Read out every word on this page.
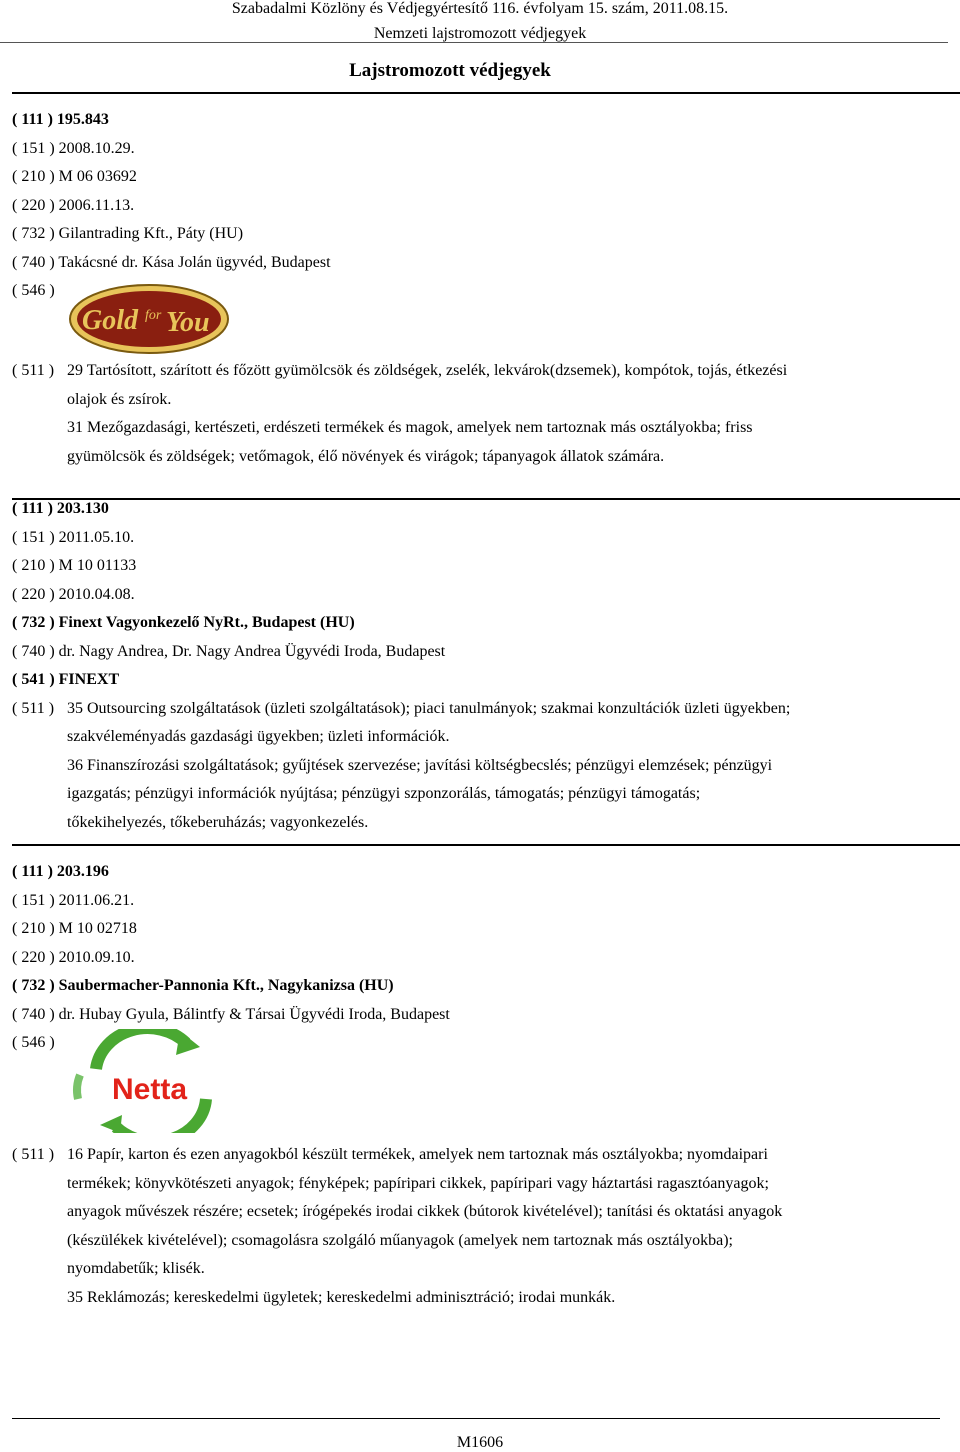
Szabadalmi Közlöny és Védjegyértesítő 116. évfolyam 15. szám, 2011.08.15.
Nemzeti lajstromozott védjegyek
Lajstromozott védjegyek
( 111 ) 195.843
( 151 ) 2008.10.29.
( 210 ) M 06 03692
( 220 ) 2006.11.13.
( 732 ) Gilantrading Kft., Páty (HU)
( 740 ) Takácsné dr. Kása Jolán ügyvéd, Budapest
( 546 )
Gold for You
( 511 ) 29 Tartósított, szárított és főzött gyümölcsök és zöldségek, zselék, lekvárok(dzsemek), kompótok, tojás, étkezési
olajok és zsírok.
31 Mezőgazdasági, kertészeti, erdészeti termékek és magok, amelyek nem tartoznak más osztályokba; friss
gyümölcsök és zöldségek; vetőmagok, élő növények és virágok; tápanyagok állatok számára.
( 111 ) 203.130
( 151 ) 2011.05.10.
( 210 ) M 10 01133
( 220 ) 2010.04.08.
( 732 ) Finext Vagyonkezelő NyRt., Budapest (HU)
( 740 ) dr. Nagy Andrea, Dr. Nagy Andrea Ügyvédi Iroda, Budapest
( 541 ) FINEXT
( 511 ) 35 Outsourcing szolgáltatások (üzleti szolgáltatások); piaci tanulmányok; szakmai konzultációk üzleti ügyekben;
szakvéleményadás gazdasági ügyekben; üzleti információk.
36 Finanszírozási szolgáltatások; gyűjtések szervezése; javítási költségbecslés; pénzügyi elemzések; pénzügyi
igazgatás; pénzügyi információk nyújtása; pénzügyi szponzorálás, támogatás; pénzügyi támogatás;
tőkekihelyezés, tőkeberuházás; vagyonkezelés.
( 111 ) 203.196
( 151 ) 2011.06.21.
( 210 ) M 10 02718
( 220 ) 2010.09.10.
( 732 ) Saubermacher-Pannonia Kft., Nagykanizsa (HU)
( 740 ) dr. Hubay Gyula, Bálintfy & Társai Ügyvédi Iroda, Budapest
( 546 )
Netta
( 511 ) 16 Papír, karton és ezen anyagokból készült termékek, amelyek nem tartoznak más osztályokba; nyomdaipari
termékek; könyvkötészeti anyagok; fényképek; papíripari cikkek, papíripari vagy háztartási ragasztóanyagok;
anyagok művészek részére; ecsetek; írógépekés irodai cikkek (bútorok kivételével); tanítási és oktatási anyagok
(készülékek kivételével); csomagolásra szolgáló műanyagok (amelyek nem tartoznak más osztályokba);
nyomdabetűk; klisék.
35 Reklámozás; kereskedelmi ügyletek; kereskedelmi adminisztráció; irodai munkák.
M1606
